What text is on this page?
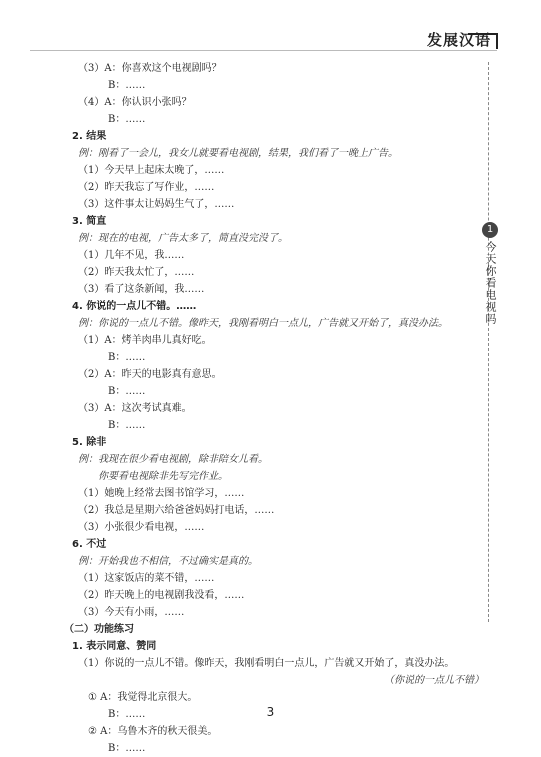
发展汉语
1
今天你看电视吗
（3）A：你喜欢这个电视剧吗？
B：……
（4）A：你认识小张吗？
B：……
2. 结果
例：刚看了一会儿，我女儿就要看电视剧，结果，我们看了一晚上广告。
（1）今天早上起床太晚了，……
（2）昨天我忘了写作业，……
（3）这件事太让妈妈生气了，……
3. 简直
例：现在的电视，广告太多了，简直没完没了。
（1）几年不见，我……
（2）昨天我太忙了，……
（3）看了这条新闻，我……
4. 你说的一点儿不错。……
例：你说的一点儿不错。像昨天，我刚看明白一点儿，广告就又开始了，真没办法。
（1）A：烤羊肉串儿真好吃。
B：……
（2）A：昨天的电影真有意思。
B：……
（3）A：这次考试真难。
B：……
5. 除非
例：我现在很少看电视剧，除非陪女儿看。
你要看电视除非先写完作业。
（1）她晚上经常去图书馆学习，……
（2）我总是星期六给爸爸妈妈打电话，……
（3）小张很少看电视，……
6. 不过
例：开始我也不相信，不过确实是真的。
（1）这家饭店的菜不错，……
（2）昨天晚上的电视剧我没看，……
（3）今天有小雨，……
（二）功能练习
1. 表示同意、赞同
（1）你说的一点儿不错。像昨天，我刚看明白一点儿，广告就又开始了，真没办法。
（你说的一点儿不错）
① A：我觉得北京很大。
B：……
② A：乌鲁木齐的秋天很美。
B：……
3
